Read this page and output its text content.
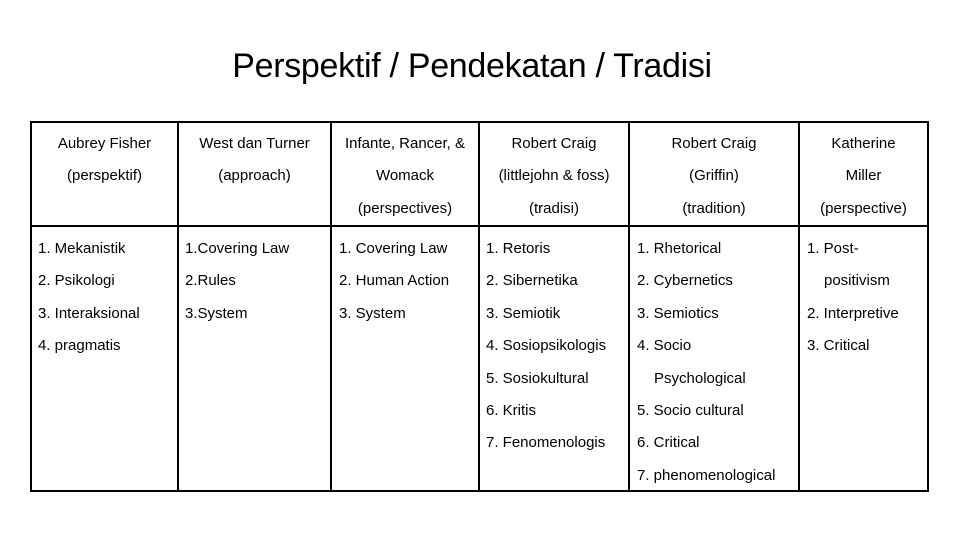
Perspektif / Pendekatan / Tradisi
Aubrey Fisher
(perspektif)
1. Mekanistik
2. Psikologi
3. Interaksional
4. pragmatis
West dan Turner
(approach)
1.Covering Law
2.Rules
3.System
Infante, Rancer, &
Womack
(perspectives)
1. Covering Law
2. Human Action
3. System
Robert Craig
(littlejohn & foss)
(tradisi)
1. Retoris
2. Sibernetika
3. Semiotik
4. Sosiopsikologis
5. Sosiokultural
6. Kritis
7. Fenomenologis
Robert Craig
(Griffin)
(tradition)
1. Rhetorical
2. Cybernetics
3. Semiotics
4. Socio
Psychological
5. Socio cultural
6. Critical
7. phenomenological
Katherine
Miller
(perspective)
1. Post-
positivism
2. Interpretive
3. Critical
